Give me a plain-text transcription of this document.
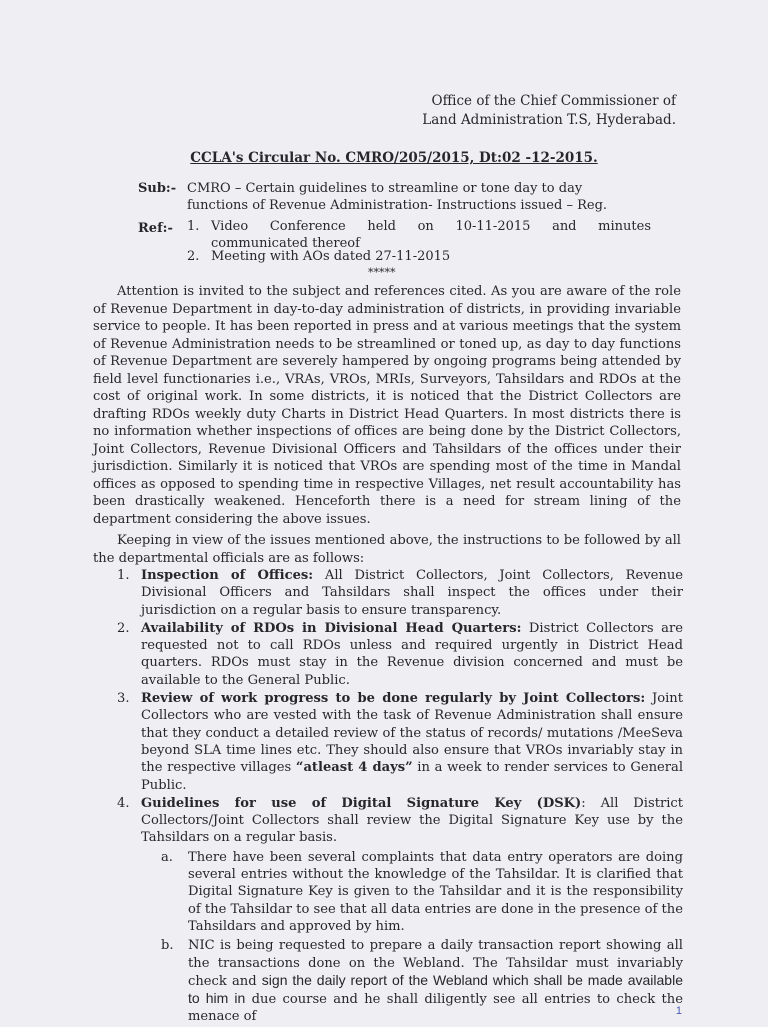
Office of the Chief Commissioner of
Land Administration T.S, Hyderabad.
CCLA's Circular No. CMRO/205/2015, Dt:02 -12-2015.
Sub:- CMRO – Certain guidelines to streamline or tone day to day functions of Revenue Administration- Instructions issued – Reg.
Ref:- 1. Video Conference held on 10-11-2015 and minutes
communicated thereof
2. Meeting with AOs dated 27-11-2015
*****

Attention is invited to the subject and references cited. As you are aware of the role of Revenue Department in day-to-day administration of districts, in providing invariable service to people. It has been reported in press and at various meetings that the system of Revenue Administration needs to be streamlined or toned up, as day to day functions of Revenue Department are severely hampered by ongoing programs being attended by field level functionaries i.e., VRAs, VROs, MRIs, Surveyors, Tahsildars and RDOs at the cost of original work. In some districts, it is noticed that the District Collectors are drafting RDOs weekly duty Charts in District Head Quarters. In most districts there is no information whether inspections of offices are being done by the District Collectors, Joint Collectors, Revenue Divisional Officers and Tahsildars of the offices under their jurisdiction. Similarly it is noticed that VROs are spending most of the time in Mandal offices as opposed to spending time in respective Villages, net result accountability has been drastically weakened. Henceforth there is a need for stream lining of the department considering the above issues.

Keeping in view of the issues mentioned above, the instructions to be followed by all the departmental officials are as follows:

1. Inspection of Offices: All District Collectors, Joint Collectors, Revenue Divisional Officers and Tahsildars shall inspect the offices under their jurisdiction on a regular basis to ensure transparency.
2. Availability of RDOs in Divisional Head Quarters: District Collectors are requested not to call RDOs unless and required urgently in District Head quarters. RDOs must stay in the Revenue division concerned and must be available to the General Public.
3. Review of work progress to be done regularly by Joint Collectors: Joint Collectors who are vested with the task of Revenue Administration shall ensure that they conduct a detailed review of the status of records/ mutations /MeeSeva beyond SLA time lines etc. They should also ensure that VROs invariably stay in the respective villages “atleast 4 days” in a week to render services to General Public.
4. Guidelines for use of Digital Signature Key (DSK): All District Collectors/Joint Collectors shall review the Digital Signature Key use by the Tahsildars on a regular basis.
a. There have been several complaints that data entry operators are doing several entries without the knowledge of the Tahsildar. It is clarified that Digital Signature Key is given to the Tahsildar and it is the responsibility of the Tahsildar to see that all data entries are done in the presence of the Tahsildars and approved by him.
b. NIC is being requested to prepare a daily transaction report showing all the transactions done on the Webland. The Tahsildar must invariably check and sign the daily report of the Webland which shall be made available to him in due course and he shall diligently see all entries to check the menace of	1
